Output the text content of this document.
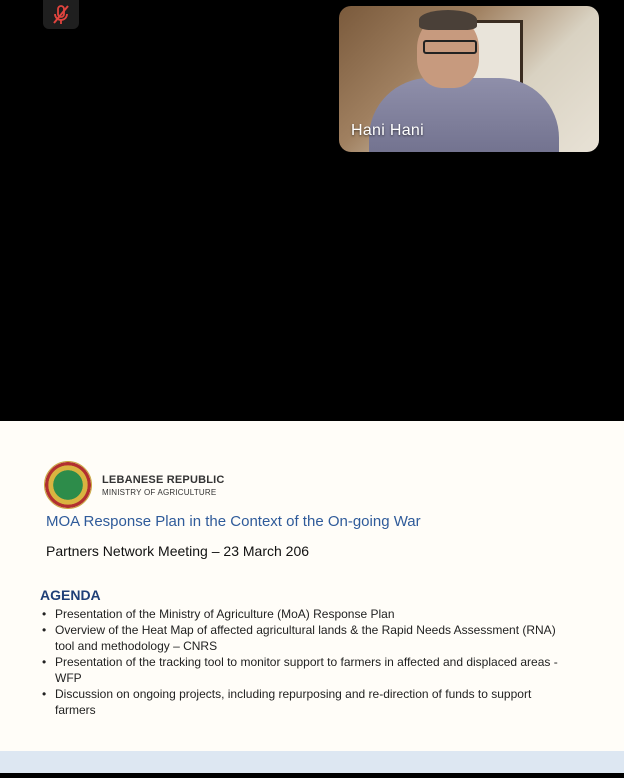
Hani Hani
LEBANESE REPUBLIC
MINISTRY OF AGRICULTURE
MOA Response Plan in the Context of the On-going War
Partners Network Meeting – 23 March 206
AGENDA
• Presentation of the Ministry of Agriculture (MoA) Response Plan
• Overview of the Heat Map of affected agricultural lands & the Rapid Needs Assessment (RNA) tool and methodology – CNRS
• Presentation of the tracking tool to monitor support to farmers in affected and displaced areas - WFP
• Discussion on ongoing projects, including repurposing and re-direction of funds to support farmers
